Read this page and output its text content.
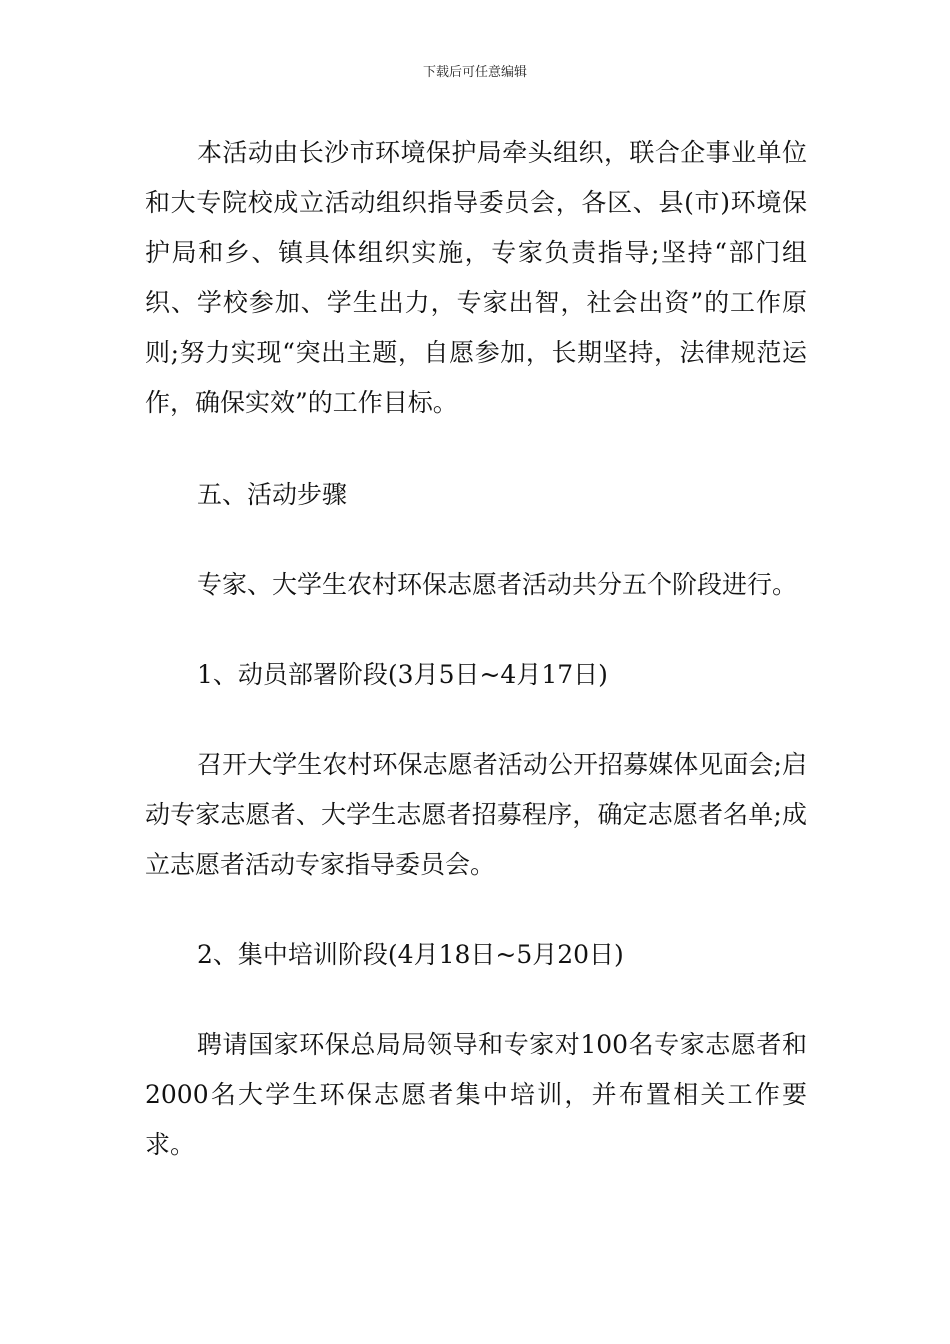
下载后可任意编辑

本活动由长沙市环境保护局牵头组织，联合企事业单位和大专院校成立活动组织指导委员会，各区、县(市)环境保护局和乡、镇具体组织实施，专家负责指导;坚持“部门组织、学校参加、学生出力，专家出智，社会出资”的工作原则;努力实现“突出主题，自愿参加，长期坚持，法律规范运作，确保实效”的工作目标。

五、活动步骤

专家、大学生农村环保志愿者活动共分五个阶段进行。

1、动员部署阶段(3月5日~4月17日)

召开大学生农村环保志愿者活动公开招募媒体见面会;启动专家志愿者、大学生志愿者招募程序，确定志愿者名单;成立志愿者活动专家指导委员会。

2、集中培训阶段(4月18日~5月20日)

聘请国家环保总局局领导和专家对100名专家志愿者和2000名大学生环保志愿者集中培训，并布置相关工作要求。
